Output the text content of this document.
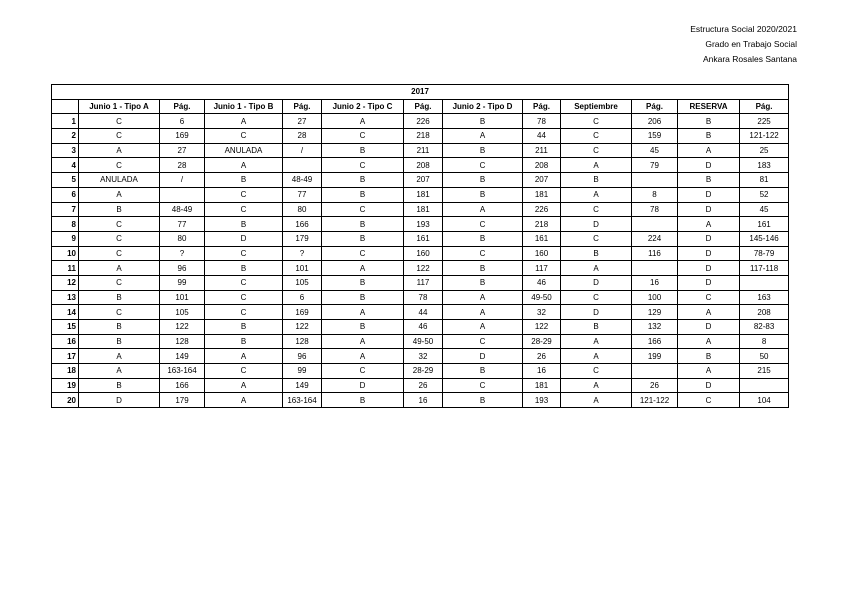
Estructura Social 2020/2021
Grado en Trabajo Social
Ankara Rosales Santana
2017												
	Junio 1 - Tipo A	Pág.	Junio 1 - Tipo B	Pág.	Junio 2 - Tipo C	Pág.	Junio 2 - Tipo D	Pág.	Septiembre	Pág.	RESERVA	Pág.
1	C	6	A	27	A	226	B	78	C	206	B	225
2	C	169	C	28	C	218	A	44	C	159	B	121-122
3	A	27	ANULADA	/	B	211	B	211	C	45	A	25
4	C	28	A		C	208	C	208	A	79	D	183
5	ANULADA	/	B	48-49	B	207	B	207	B		B	81
6	A		C	77	B	181	B	181	A	8	D	52
7	B	48-49	C	80	C	181	A	226	C	78	D	45
8	C	77	B	166	B	193	C	218	D		A	161
9	C	80	D	179	B	161	B	161	C	224	D	145-146
10	C	?	C	?	C	160	C	160	B	116	D	78-79
11	A	96	B	101	A	122	B	117	A		D	117-118
12	C	99	C	105	B	117	B	46	D	16	D	
13	B	101	C	6	B	78	A	49-50	C	100	C	163
14	C	105	C	169	A	44	A	32	D	129	A	208
15	B	122	B	122	B	46	A	122	B	132	D	82-83
16	B	128	B	128	A	49-50	C	28-29	A	166	A	8
17	A	149	A	96	A	32	D	26	A	199	B	50
18	A	163-164	C	99	C	28-29	B	16	C		A	215
19	B	166	A	149	D	26	C	181	A	26	D	
20	D	179	A	163-164	B	16	B	193	A	121-122	C	104
